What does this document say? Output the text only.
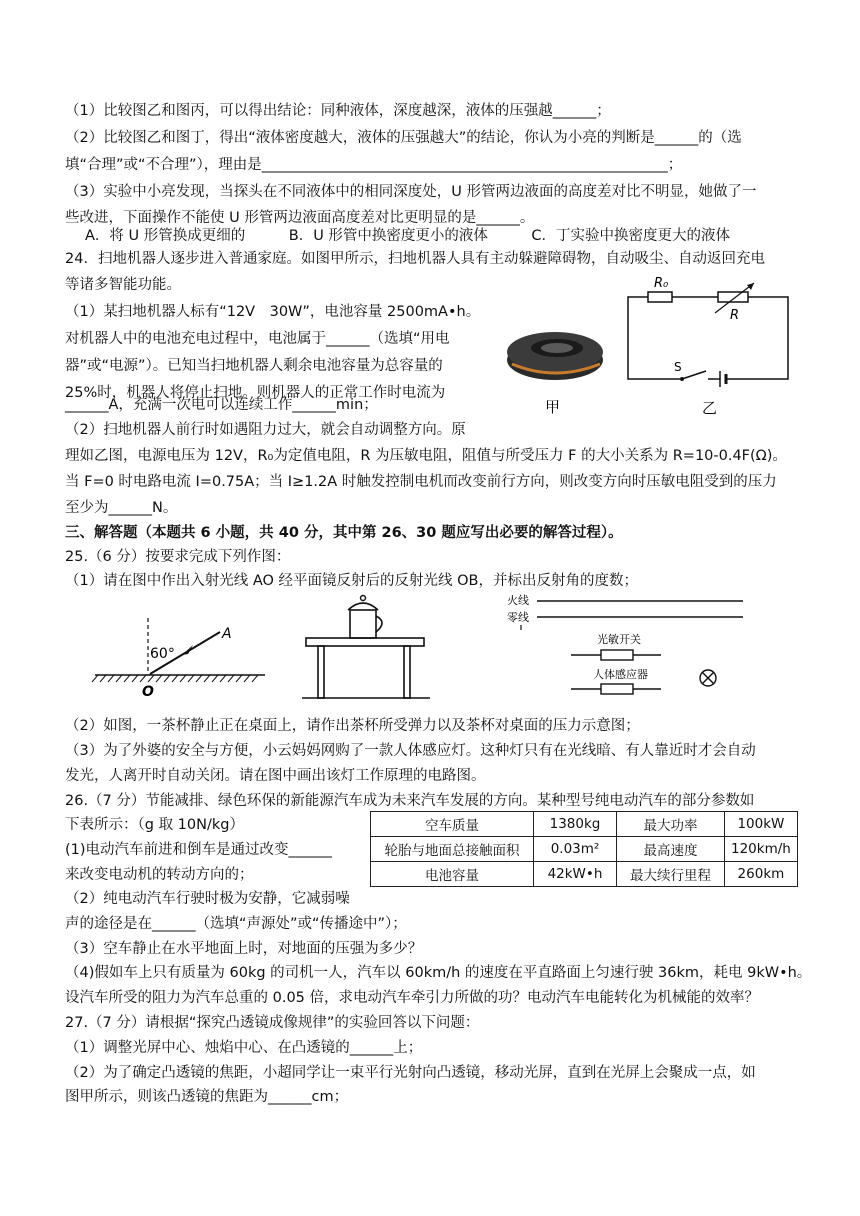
（1）比较图乙和图丙，可以得出结论：同种液体，深度越深，液体的压强越______；
（2）比较图乙和图丁，得出“液体密度越大，液体的压强越大”的结论，你认为小亮的判断是______的（选
填“合理”或“不合理”），理由是________________________________________________________；
（3）实验中小亮发现，当探头在不同液体中的相同深度处，U 形管两边液面的高度差对比不明显，她做了一
些改进，下面操作不能使 U 形管两边液面高度差对比更明显的是______。
A．将 U 形管换成更细的　　　B．U 形管中换密度更小的液体　　　C．丁实验中换密度更大的液体
24．扫地机器人逐步进入普通家庭。如图甲所示，扫地机器人具有主动躲避障碍物，自动吸尘、自动返回充电
等诸多智能功能。
（1）某扫地机器人标有“12V　30W”，电池容量 2500mA•h。
对机器人中的电池充电过程中，电池属于______（选填“用电
器”或“电源”）。已知当扫地机器人剩余电池容量为总容量的
25%时，机器人将停止扫地。则机器人的正常工作时电流为
______A，充满一次电可以连续工作______min；
（2）扫地机器人前行时如遇阻力过大，就会自动调整方向。原
理如乙图，电源电压为 12V，R₀为定值电阻，R 为压敏电阻，阻值与所受压力 F 的大小关系为 R=10-0.4F(Ω)。
当 F=0 时电路电流 I=0.75A；当 I≥1.2A 时触发控制电机而改变前行方向，则改变方向时压敏电阻受到的压力
至少为______N。
甲
R₀
R
S
乙
三、解答题（本题共 6 小题，共 40 分，其中第 26、30 题应写出必要的解答过程）。
25.（6 分）按要求完成下列作图：
（1）请在图中作出入射光线 AO 经平面镜反射后的反射光线 OB，并标出反射角的度数；
60°
A
O
火线
零线
光敏开关
人体感应器
（2）如图，一茶杯静止正在桌面上，请作出茶杯所受弹力以及茶杯对桌面的压力示意图；
（3）为了外婆的安全与方便，小云妈妈网购了一款人体感应灯。这种灯只有在光线暗、有人靠近时才会自动
发光，人离开时自动关闭。请在图中画出该灯工作原理的电路图。
26.（7 分）节能减排、绿色环保的新能源汽车成为未来汽车发展的方向。某种型号纯电动汽车的部分参数如
下表所示：（g 取 10N/kg）
(1)电动汽车前进和倒车是通过改变______
来改变电动机的转动方向的；
（2）纯电动汽车行驶时极为安静，它减弱噪
声的途径是在______（选填“声源处”或“传播途中”）；
（3）空车静止在水平地面上时，对地面的压强为多少？
（4)假如车上只有质量为 60kg 的司机一人，汽车以 60km/h 的速度在平直路面上匀速行驶 36km，耗电 9kW•h。
设汽车所受的阻力为汽车总重的 0.05 倍，求电动汽车牵引力所做的功？电动汽车电能转化为机械能的效率？
空车质量	1380kg	最大功率	100kW
轮胎与地面总接触面积	0.03m²	最高速度	120km/h
电池容量	42kW•h	最大续行里程	260km
27.（7 分）请根据“探究凸透镜成像规律”的实验回答以下问题：
（1）调整光屏中心、烛焰中心、在凸透镜的______上；
（2）为了确定凸透镜的焦距，小超同学让一束平行光射向凸透镜，移动光屏，直到在光屏上会聚成一点，如
图甲所示，则该凸透镜的焦距为______cm；
